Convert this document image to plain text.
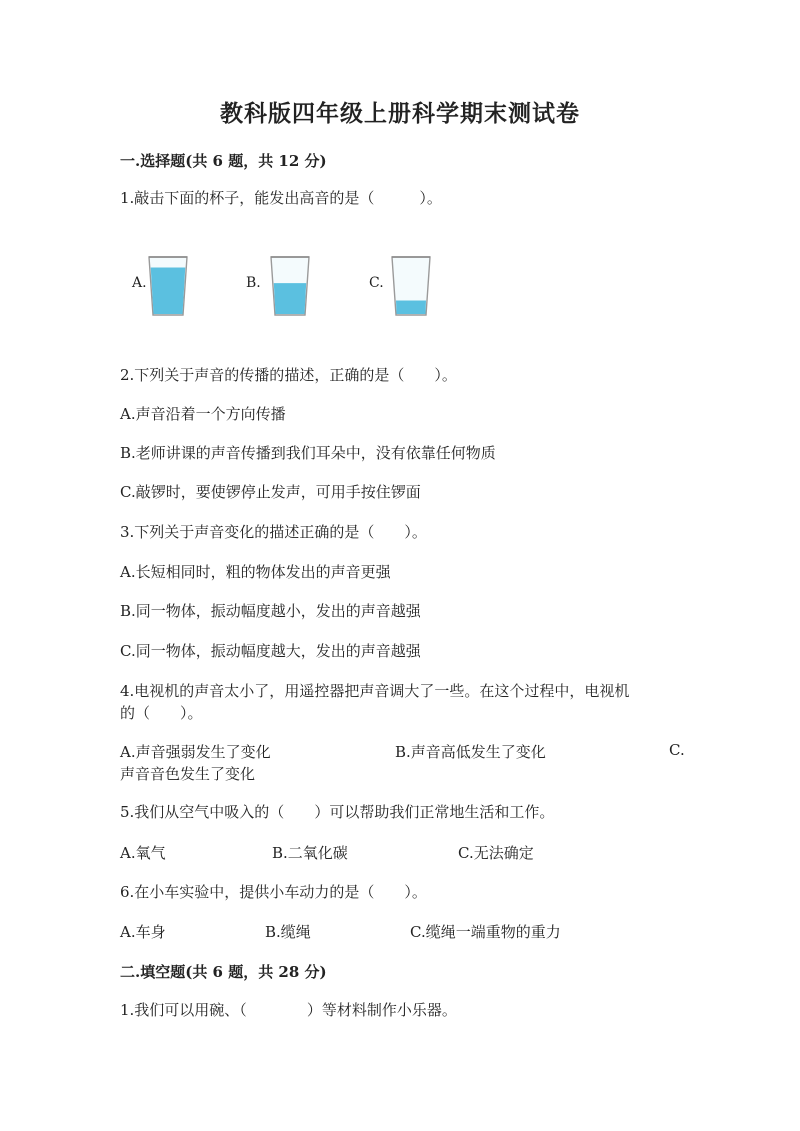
教科版四年级上册科学期末测试卷
一.选择题(共 6 题，共 12 分)
1.敲击下面的杯子，能发出高音的是（　　　）。
A.	B.	C.
2.下列关于声音的传播的描述，正确的是（　　）。
A.声音沿着一个方向传播
B.老师讲课的声音传播到我们耳朵中，没有依靠任何物质
C.敲锣时，要使锣停止发声，可用手按住锣面
3.下列关于声音变化的描述正确的是（　　）。
A.长短相同时，粗的物体发出的声音更强
B.同一物体，振动幅度越小，发出的声音越强
C.同一物体，振动幅度越大，发出的声音越强
4.电视机的声音太小了，用遥控器把声音调大了一些。在这个过程中，电视机
的（　　）。
A.声音强弱发生了变化	B.声音高低发生了变化	C.
声音音色发生了变化
5.我们从空气中吸入的（　　）可以帮助我们正常地生活和工作。
A.氧气	B.二氧化碳	C.无法确定
6.在小车实验中，提供小车动力的是（　　）。
A.车身	B.缆绳	C.缆绳一端重物的重力
二.填空题(共 6 题，共 28 分)
1.我们可以用碗、（　　　　）等材料制作小乐器。
